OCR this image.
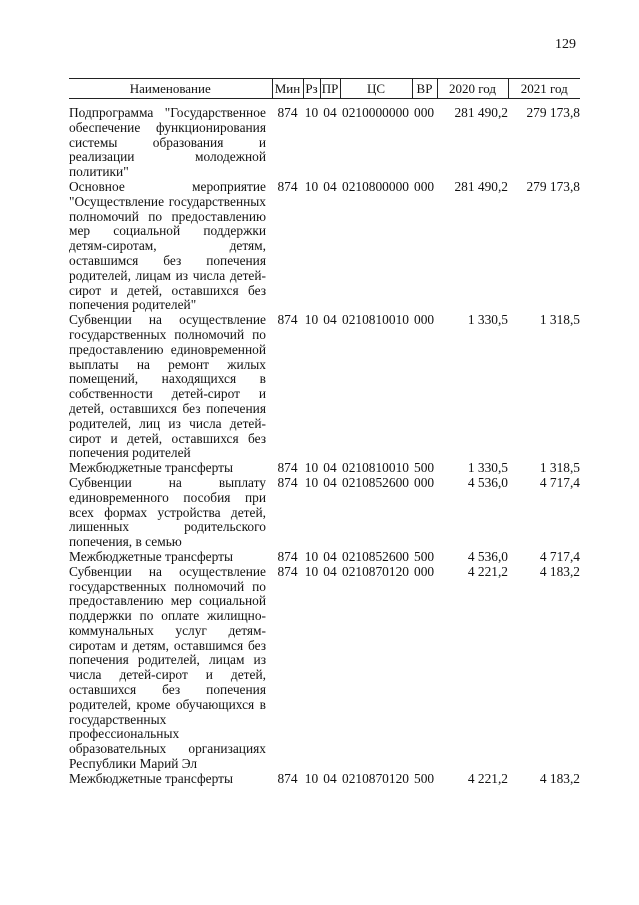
129
Наименование	Мин	Рз	ПР	ЦС	ВР	2020 год	2021 год

Подпрограмма "Государственное обеспечение функционирования системы образования и реализации молодежной политики"	874	10	04	0210000000	000	281 490,2	279 173,8

Основное мероприятие "Осуществление государственных полномочий по предоставлению мер социальной поддержки детям-сиротам, детям, оставшимся без попечения родителей, лицам из числа детей-сирот и детей, оставшихся без попечения родителей"	874	10	04	0210800000	000	281 490,2	279 173,8

Субвенции на осуществление государственных полномочий по предоставлению единовременной выплаты на ремонт жилых помещений, находящихся в собственности детей-сирот и детей, оставшихся без попечения родителей, лиц из числа детей-сирот и детей, оставшихся без попечения родителей	874	10	04	0210810010	000	1 330,5	1 318,5

Межбюджетные трансферты	874	10	04	0210810010	500	1 330,5	1 318,5

Субвенции на выплату единовременного пособия при всех формах устройства детей, лишенных родительского попечения, в семью	874	10	04	0210852600	000	4 536,0	4 717,4

Межбюджетные трансферты	874	10	04	0210852600	500	4 536,0	4 717,4

Субвенции на осуществление государственных полномочий по предоставлению мер социальной поддержки по оплате жилищно-коммунальных услуг детям-сиротам и детям, оставшимся без попечения родителей, лицам из числа детей-сирот и детей, оставшихся без попечения родителей, кроме обучающихся в государственных профессиональных образовательных организациях Республики Марий Эл	874	10	04	0210870120	000	4 221,2	4 183,2

Межбюджетные трансферты	874	10	04	0210870120	500	4 221,2	4 183,2
